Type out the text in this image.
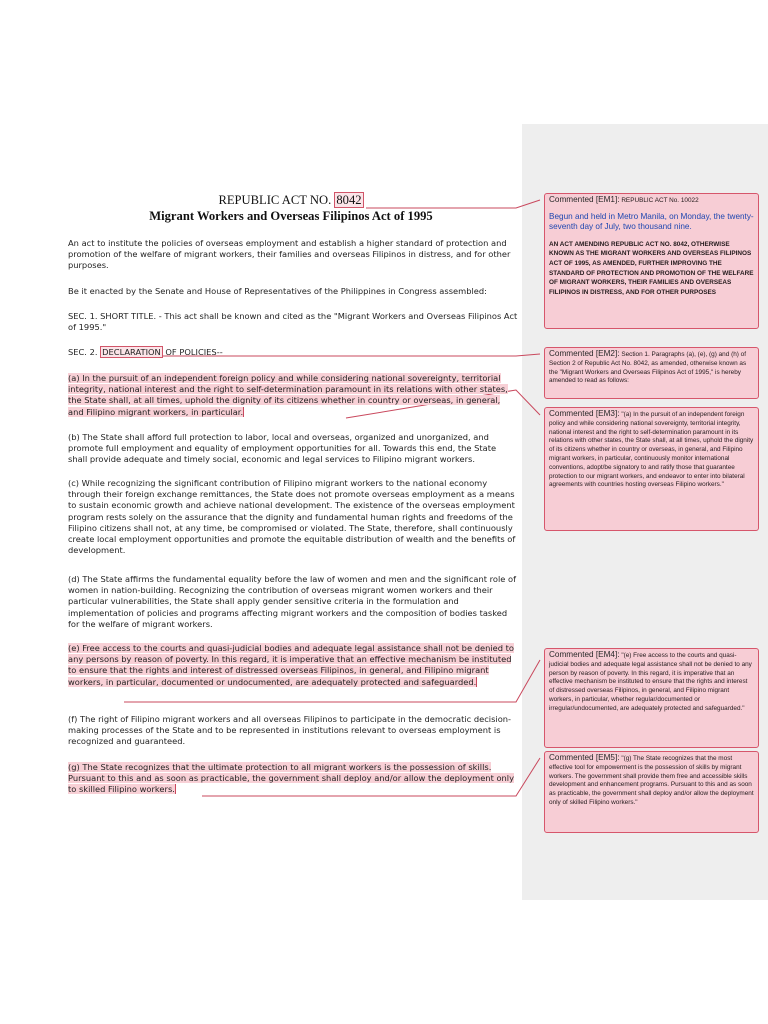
REPUBLIC ACT NO. 8042
Migrant Workers and Overseas Filipinos Act of 1995

An act to institute the policies of overseas employment and establish a higher standard of protection and promotion of the welfare of migrant workers, their families and overseas Filipinos in distress, and for other purposes.

Be it enacted by the Senate and House of Representatives of the Philippines in Congress assembled:

SEC. 1. SHORT TITLE. - This act shall be known and cited as the "Migrant Workers and Overseas Filipinos Act of 1995."

SEC. 2. DECLARATION OF POLICIES--

(a) In the pursuit of an independent foreign policy and while considering national sovereignty, territorial integrity, national interest and the right to self-determination paramount in its relations with other states, the State shall, at all times, uphold the dignity of its citizens whether in country or overseas, in general, and Filipino migrant workers, in particular.

(b) The State shall afford full protection to labor, local and overseas, organized and unorganized, and promote full employment and equality of employment opportunities for all. Towards this end, the State shall provide adequate and timely social, economic and legal services to Filipino migrant workers.

(c) While recognizing the significant contribution of Filipino migrant workers to the national economy through their foreign exchange remittances, the State does not promote overseas employment as a means to sustain economic growth and achieve national development. The existence of the overseas employment program rests solely on the assurance that the dignity and fundamental human rights and freedoms of the Filipino citizens shall not, at any time, be compromised or violated. The State, therefore, shall continuously create local employment opportunities and promote the equitable distribution of wealth and the benefits of development.

(d) The State affirms the fundamental equality before the law of women and men and the significant role of women in nation-building. Recognizing the contribution of overseas migrant women workers and their particular vulnerabilities, the State shall apply gender sensitive criteria in the formulation and implementation of policies and programs affecting migrant workers and the composition of bodies tasked for the welfare of migrant workers.

(e) Free access to the courts and quasi-judicial bodies and adequate legal assistance shall not be denied to any persons by reason of poverty. In this regard, it is imperative that an effective mechanism be instituted to ensure that the rights and interest of distressed overseas Filipinos, in general, and Filipino migrant workers, in particular, documented or undocumented, are adequately protected and safeguarded.

(f) The right of Filipino migrant workers and all overseas Filipinos to participate in the democratic decision-making processes of the State and to be represented in institutions relevant to overseas employment is recognized and guaranteed.

(g) The State recognizes that the ultimate protection to all migrant workers is the possession of skills. Pursuant to this and as soon as practicable, the government shall deploy and/or allow the deployment only to skilled Filipino workers.

Commented [EM1]: REPUBLIC ACT No. 10022
Begun and held in Metro Manila, on Monday, the twenty-seventh day of July, two thousand nine.
AN ACT AMENDING REPUBLIC ACT NO. 8042, OTHERWISE KNOWN AS THE MIGRANT WORKERS AND OVERSEAS FILIPINOS ACT OF 1995, AS AMENDED, FURTHER IMPROVING THE STANDARD OF PROTECTION AND PROMOTION OF THE WELFARE OF MIGRANT WORKERS, THEIR FAMILIES AND OVERSEAS FILIPINOS IN DISTRESS, AND FOR OTHER PURPOSES
Commented [EM2]: Section 1. Paragraphs (a), (e), (g) and (h) of Section 2 of Republic Act No. 8042, as amended, otherwise known as the "Migrant Workers and Overseas Filipinos Act of 1995," is hereby amended to read as follows:
Commented [EM3]: "(a) In the pursuit of an independent foreign policy and while considering national sovereignty, territorial integrity, national interest and the right to self-determination paramount in its relations with other states, the State shall, at all times, uphold the dignity of its citizens whether in country or overseas, in general, and Filipino migrant workers, in particular, continuously monitor international conventions, adopt/be signatory to and ratify those that guarantee protection to our migrant workers, and endeavor to enter into bilateral agreements with countries hosting overseas Filipino workers."
Commented [EM4]: "(e) Free access to the courts and quasi-judicial bodies and adequate legal assistance shall not be denied to any person by reason of poverty. In this regard, it is imperative that an effective mechanism be instituted to ensure that the rights and interest of distressed overseas Filipinos, in general, and Filipino migrant workers, in particular, whether regular/documented or irregular/undocumented, are adequately protected and safeguarded."
Commented [EM5]: "(g) The State recognizes that the most effective tool for empowerment is the possession of skills by migrant workers. The government shall provide them free and accessible skills development and enhancement programs. Pursuant to this and as soon as practicable, the government shall deploy and/or allow the deployment only of skilled Filipino workers."
